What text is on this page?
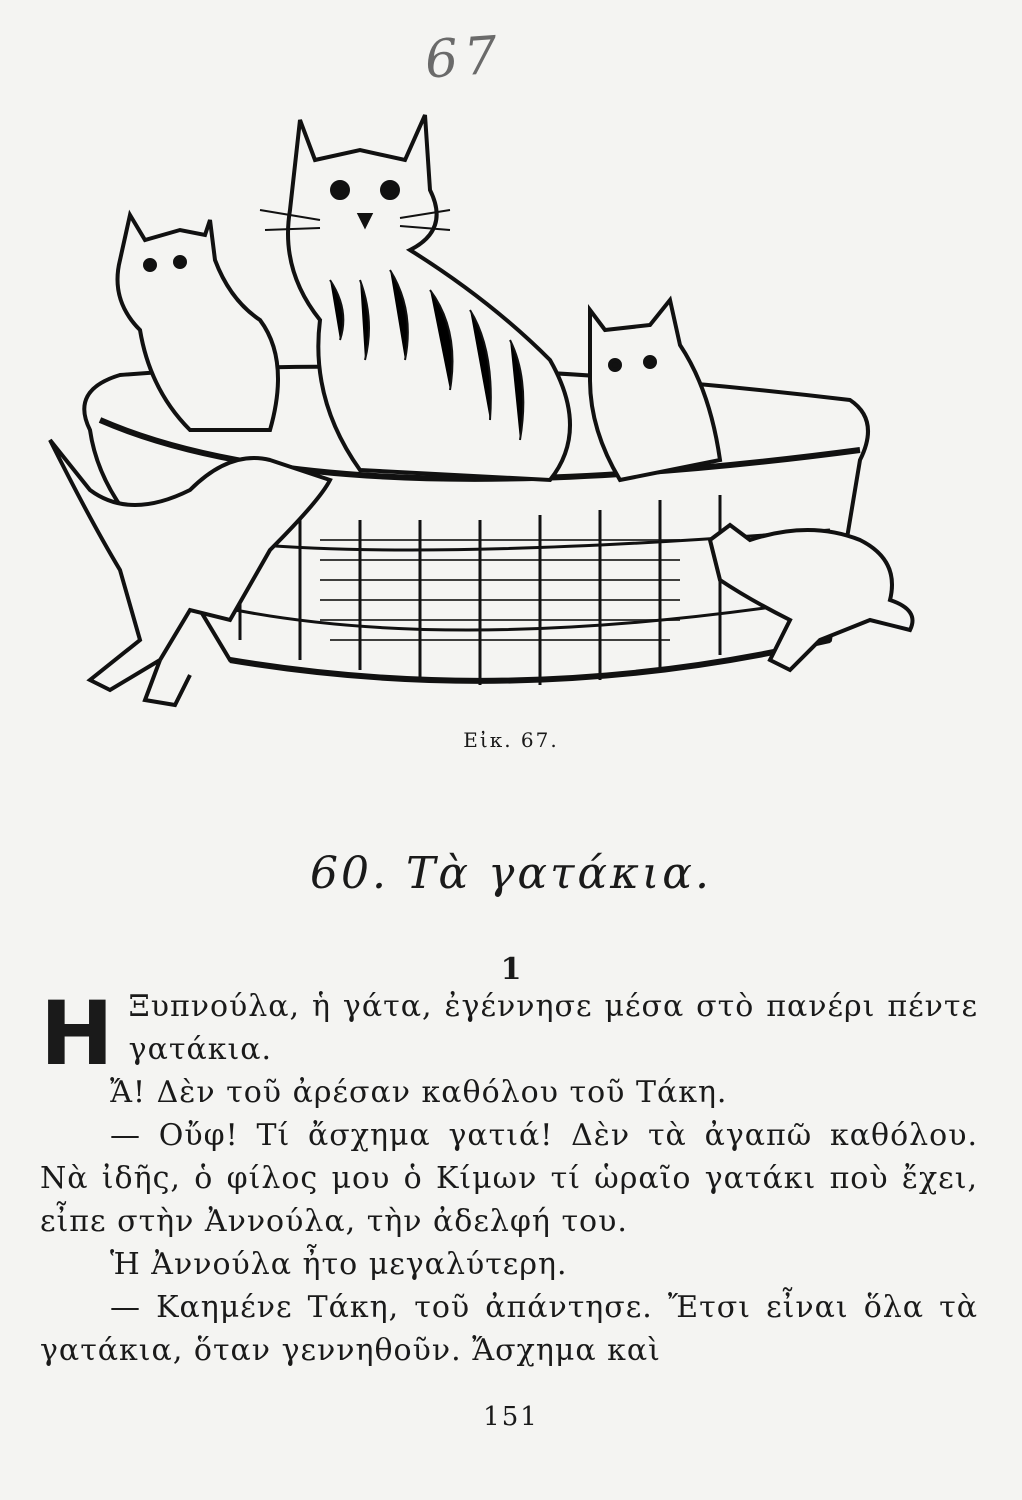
67
Εἰκ. 67.
60. Τὰ γατάκια.
1

Η Ξυπνούλα, ἡ γάτα, ἐγέννησε μέσα στὸ πανέρι πέντε γατάκια.

Ἄ! Δὲν τοῦ ἀρέσαν καθόλου τοῦ Τάκη.

— Οὔφ! Τί ἄσχημα γατιά! Δὲν τὰ ἀγαπῶ καθόλου. Νὰ ἰδῆς, ὁ φίλος μου ὁ Κίμων τί ὡραῖο γατάκι ποὺ ἔχει, εἶπε στὴν Ἀννούλα, τὴν ἀδελφή του.

Ἡ Ἀννούλα ἦτο μεγαλύτερη.

— Καημένε Τάκη, τοῦ ἀπάντησε. Ἔτσι εἶναι ὅλα τὰ γατάκια, ὅταν γεννηθοῦν. Ἄσχημα καὶ

151
